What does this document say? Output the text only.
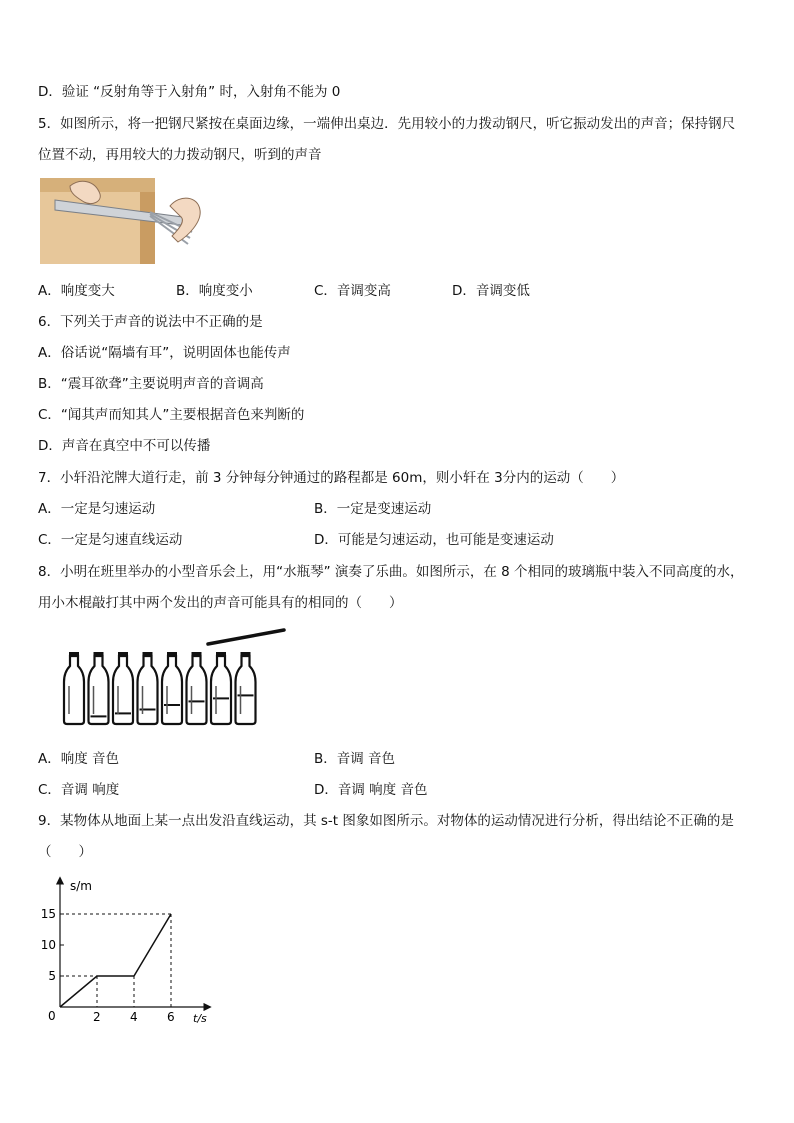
D．验证 “反射角等于入射角” 时，入射角不能为 0
5．如图所示，将一把钢尺紧按在桌面边缘，一端伸出桌边．先用较小的力拨动钢尺，听它振动发出的声音；保持钢尺
位置不动，再用较大的力拨动钢尺，听到的声音
A．响度变大	B．响度变小	C．音调变高	D．音调变低
6．下列关于声音的说法中不正确的是
A．俗话说“隔墙有耳”，说明固体也能传声
B．“震耳欲聋”主要说明声音的音调高
C．“闻其声而知其人”主要根据音色来判断的
D．声音在真空中不可以传播
7．小轩沿沱牌大道行走，前 3 分钟每分钟通过的路程都是 60m，则小轩在 3分内的运动（　　）
A．一定是匀速运动	B．一定是变速运动
C．一定是匀速直线运动	D．可能是匀速运动，也可能是变速运动
8．小明在班里举办的小型音乐会上，用“水瓶琴” 演奏了乐曲。如图所示，在 8 个相同的玻璃瓶中装入不同高度的水，
用小木棍敲打其中两个发出的声音可能具有的相同的（　　）
A．响度 音色	B．音调 音色
C．音调 响度	D．音调 响度 音色
9．某物体从地面上某一点出发沿直线运动，其 s-t 图象如图所示。对物体的运动情况进行分析，得出结论不正确的是
（　　）
s/m
t/s
0	2 4 6
5
10
15
